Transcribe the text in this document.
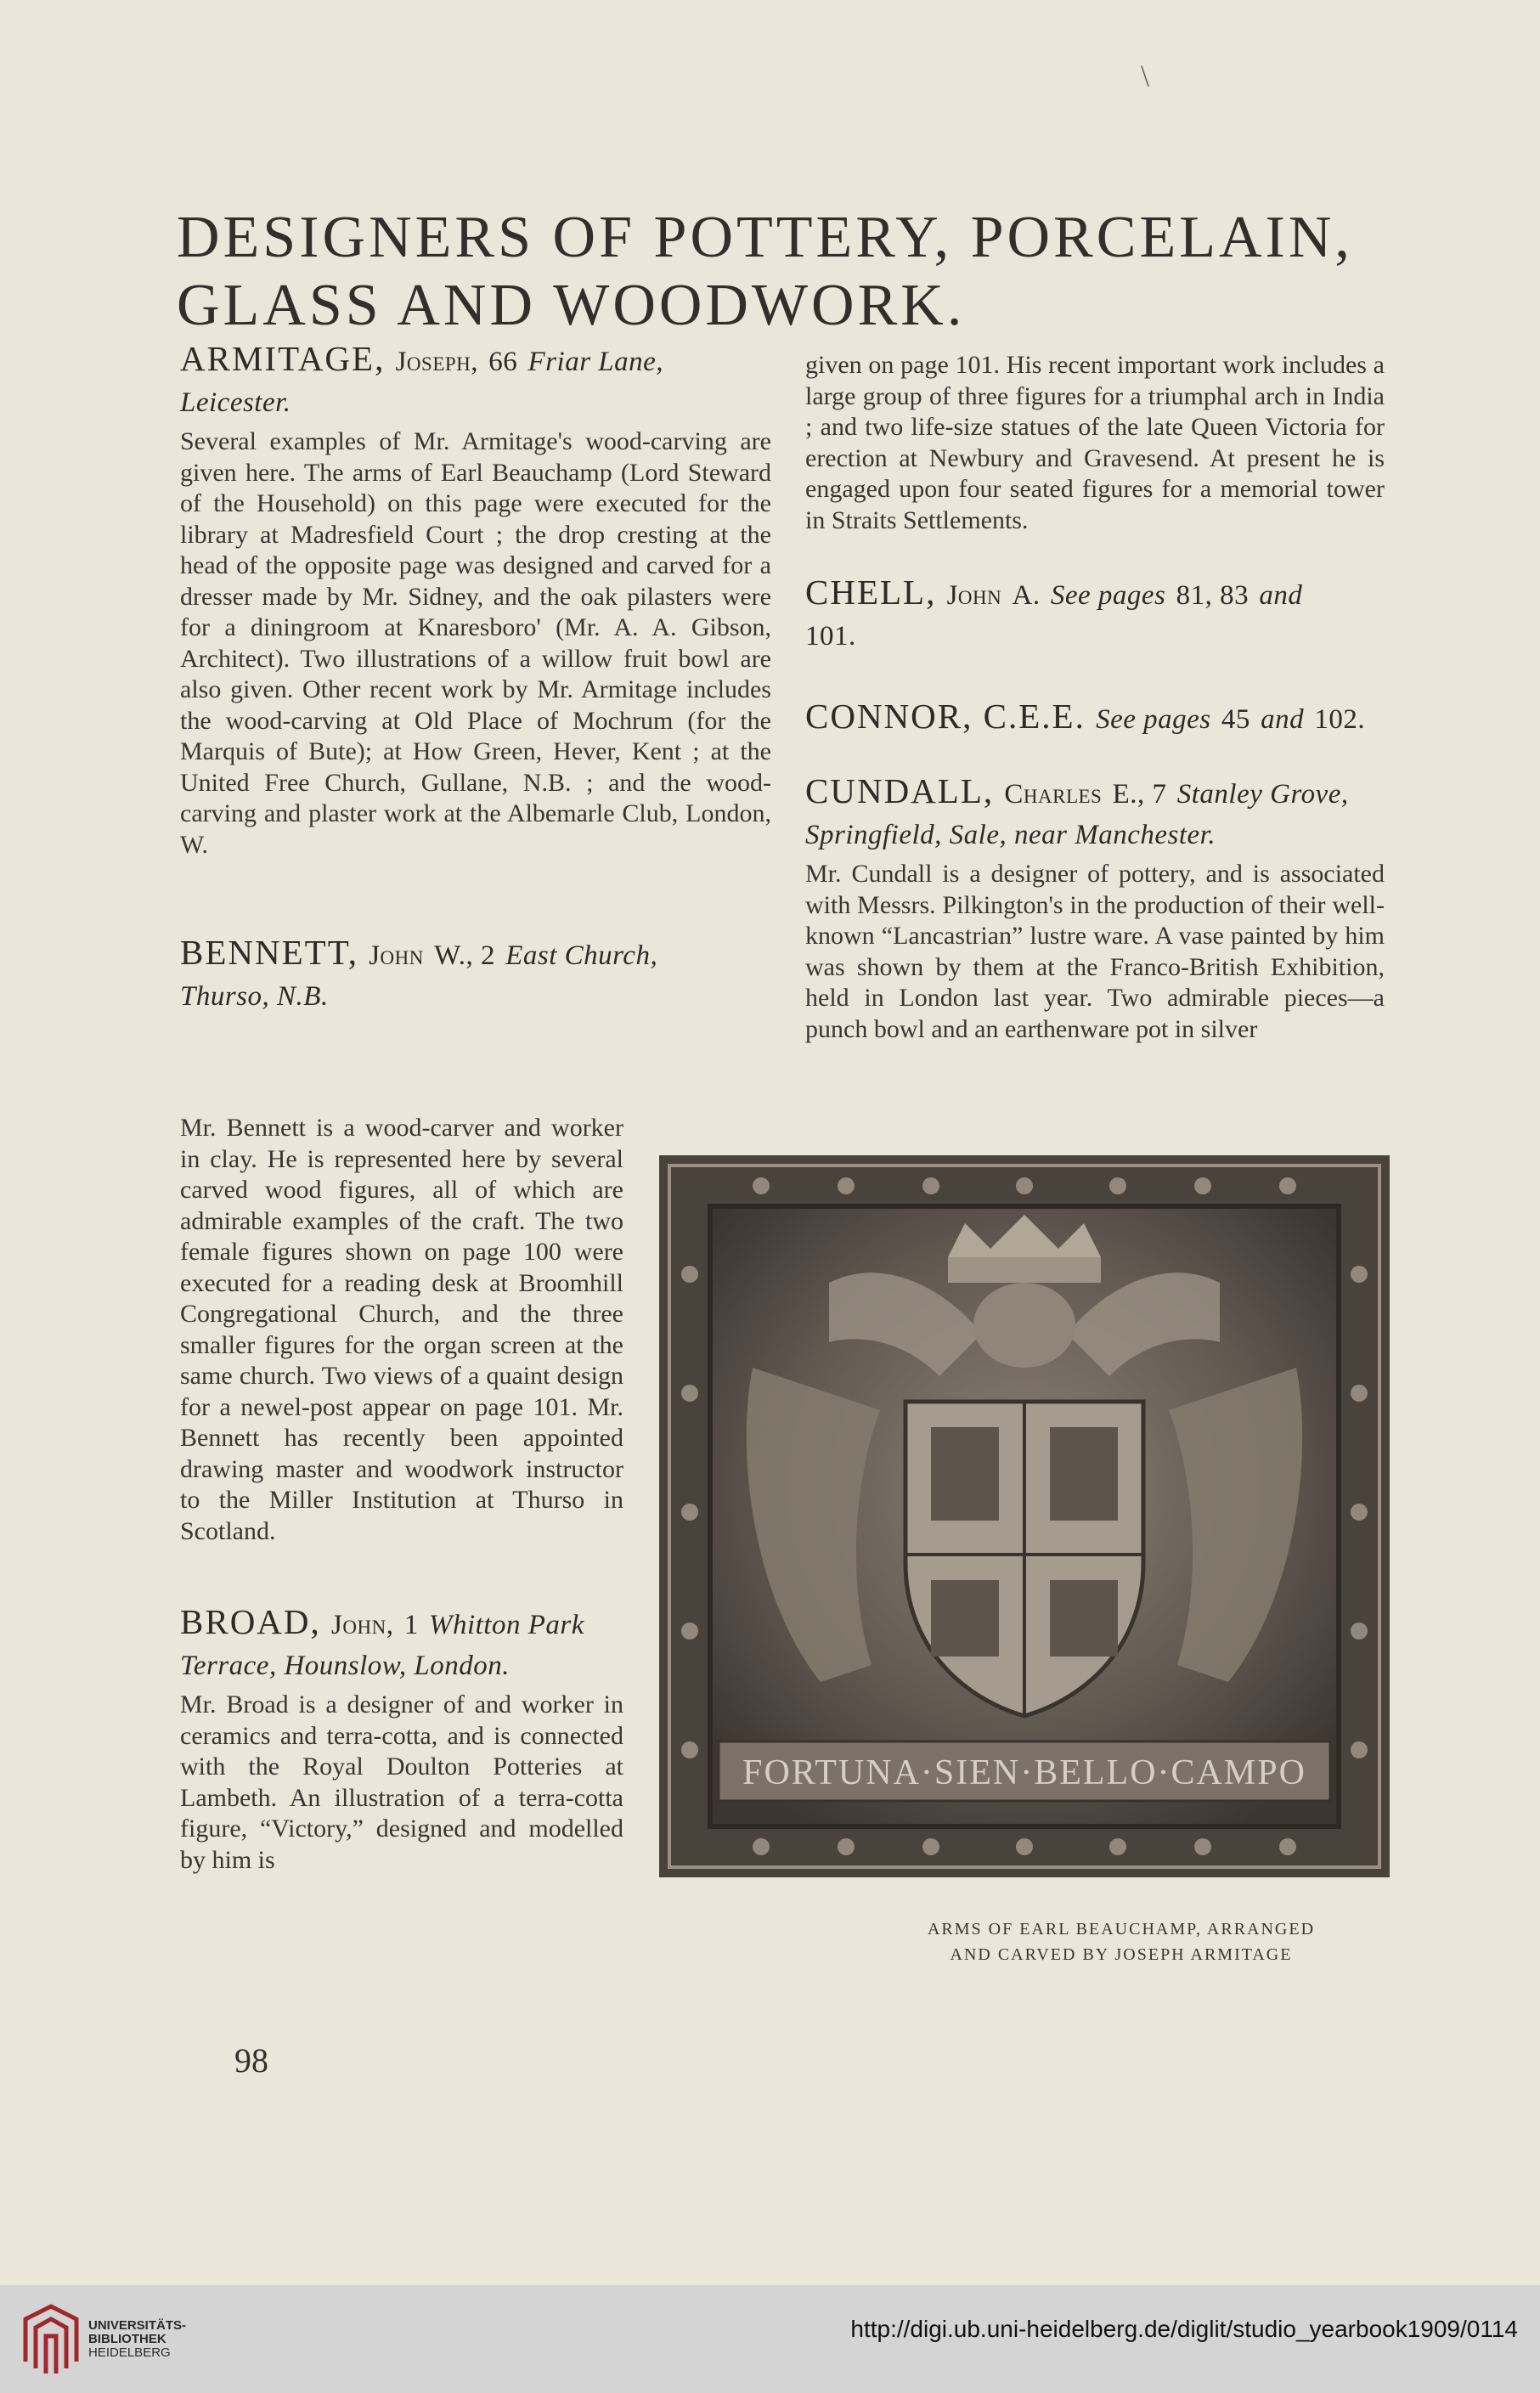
\
DESIGNERS OF POTTERY, PORCELAIN,
GLASS AND WOODWORK.

ARMITAGE, Joseph, 66 Friar Lane,
Leicester.

Several examples of Mr. Armitage's wood-carving are given here. The arms of Earl Beauchamp (Lord Steward of the Household) on this page were executed for the library at Madresfield Court ; the drop cresting at the head of the opposite page was designed and carved for a dresser made by Mr. Sidney, and the oak pilasters were for a diningroom at Knaresboro' (Mr. A. A. Gibson, Architect). Two illustrations of a willow fruit bowl are also given. Other recent work by Mr. Armitage includes the wood-carving at Old Place of Mochrum (for the Marquis of Bute); at How Green, Hever, Kent ; at the United Free Church, Gullane, N.B. ; and the wood-carving and plaster work at the Albemarle Club, London, W.

BENNETT, John W., 2 East Church,
Thurso, N.B.

Mr. Bennett is a wood-carver and worker in clay. He is represented here by several carved wood figures, all of which are admirable examples of the craft. The two female figures shown on page 100 were executed for a reading desk at Broomhill Congregational Church, and the three smaller figures for the organ screen at the same church. Two views of a quaint design for a newel-post appear on page 101. Mr. Bennett has recently been appointed drawing master and woodwork instructor to the Miller Institution at Thurso in Scotland.

BROAD, John, 1 Whitton Park Terrace, Hounslow, London.

Mr. Broad is a designer of and worker in ceramics and terra-cotta, and is connected with the Royal Doulton Potteries at Lambeth. An illustration of a terra-cotta figure, “Victory,” designed and modelled by him is

given on page 101. His recent important work includes a large group of three figures for a triumphal arch in India ; and two life-size statues of the late Queen Victoria for erection at Newbury and Gravesend. At present he is engaged upon four seated figures for a memorial tower in Straits Settlements.

CHELL, John A. See pages 81, 83 and
101.

CONNOR, C.E.E. See pages 45 and 102.

CUNDALL, Charles E., 7 Stanley Grove, Springfield, Sale, near Manchester.

Mr. Cundall is a designer of pottery, and is associated with Messrs. Pilkington's in the production of their well-known “Lancastrian” lustre ware. A vase painted by him was shown by them at the Franco-British Exhibition, held in London last year. Two admirable pieces—a punch bowl and an earthenware pot in silver

FORTUNA·SIEN·BELLO·CAMPO
ARMS OF EARL BEAUCHAMP, ARRANGED
AND CARVED BY JOSEPH ARMITAGE
98
UNIVERSITÄTS-
BIBLIOTHEK
HEIDELBERG
http://digi.ub.uni-heidelberg.de/diglit/studio_yearbook1909/0114
